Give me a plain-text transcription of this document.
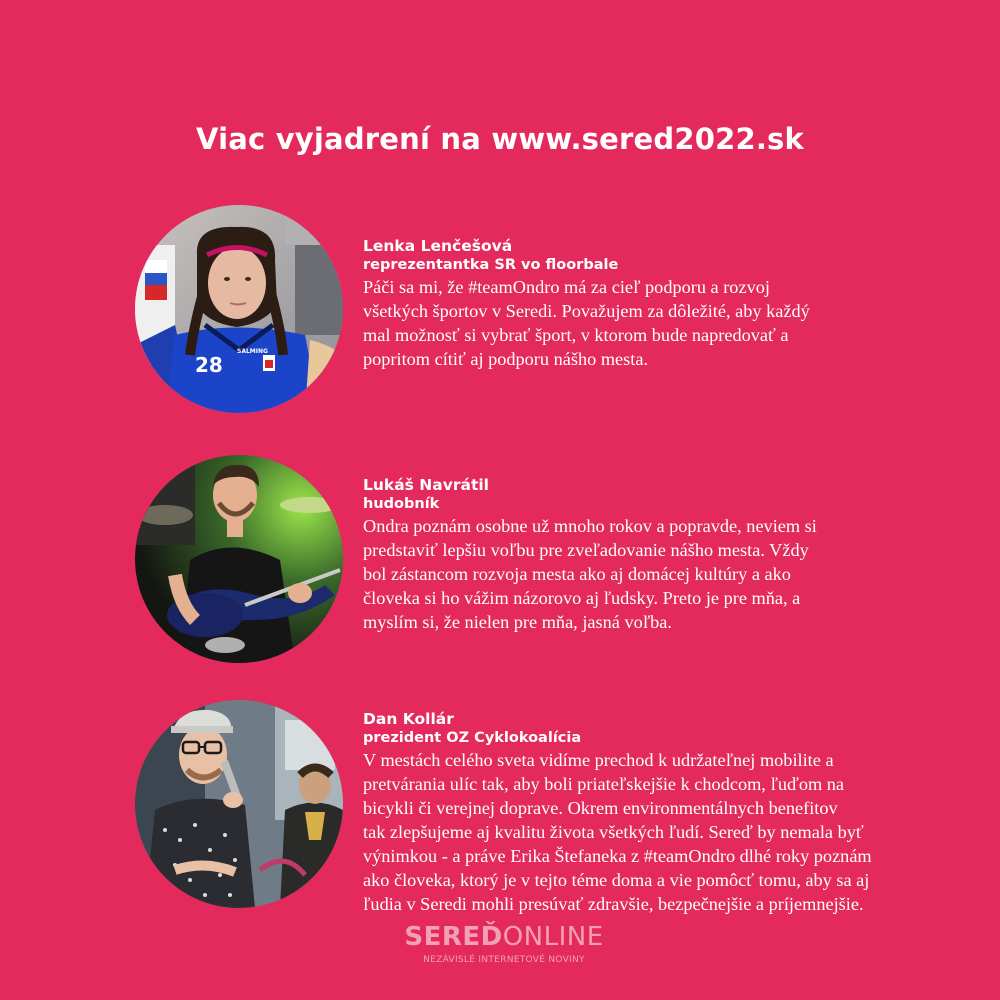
Viac vyjadrení na www.sered2022.sk
28
SALMING
Lenka Lenčešová
reprezentantka SR vo floorbale
Páči sa mi, že #teamOndro má za cieľ podporu a rozvoj
všetkých športov v Seredi. Považujem za dôležité, aby každý
mal možnosť si vybrať šport, v ktorom bude napredovať a
popritom cítiť aj podporu nášho mesta.
Lukáš Navrátil
hudobník
Ondra poznám osobne už mnoho rokov a popravde, neviem si
predstaviť lepšiu voľbu pre zveľadovanie nášho mesta. Vždy
bol zástancom rozvoja mesta ako aj domácej kultúry a ako
človeka si ho vážim názorovo aj ľudsky. Preto je pre mňa, a
myslím si, že nielen pre mňa, jasná voľba.
Dan Kollár
prezident OZ Cyklokoalícia
V mestách celého sveta vidíme prechod k udržateľnej mobilite a
pretvárania ulíc tak, aby boli priateľskejšie k chodcom, ľuďom na
bicykli či verejnej doprave. Okrem environmentálnych benefitov
tak zlepšujeme aj kvalitu života všetkých ľudí. Sereď by nemala byť
výnimkou - a práve Erika Štefaneka z #teamOndro dlhé roky poznám
ako človeka, ktorý je v tejto téme doma a vie pomôcť tomu, aby sa aj
ľudia v Seredi mohli presúvať zdravšie, bezpečnejšie a príjemnejšie.
SEREĎONLINE
NEZÁVISLÉ INTERNETOVÉ NOVINY
